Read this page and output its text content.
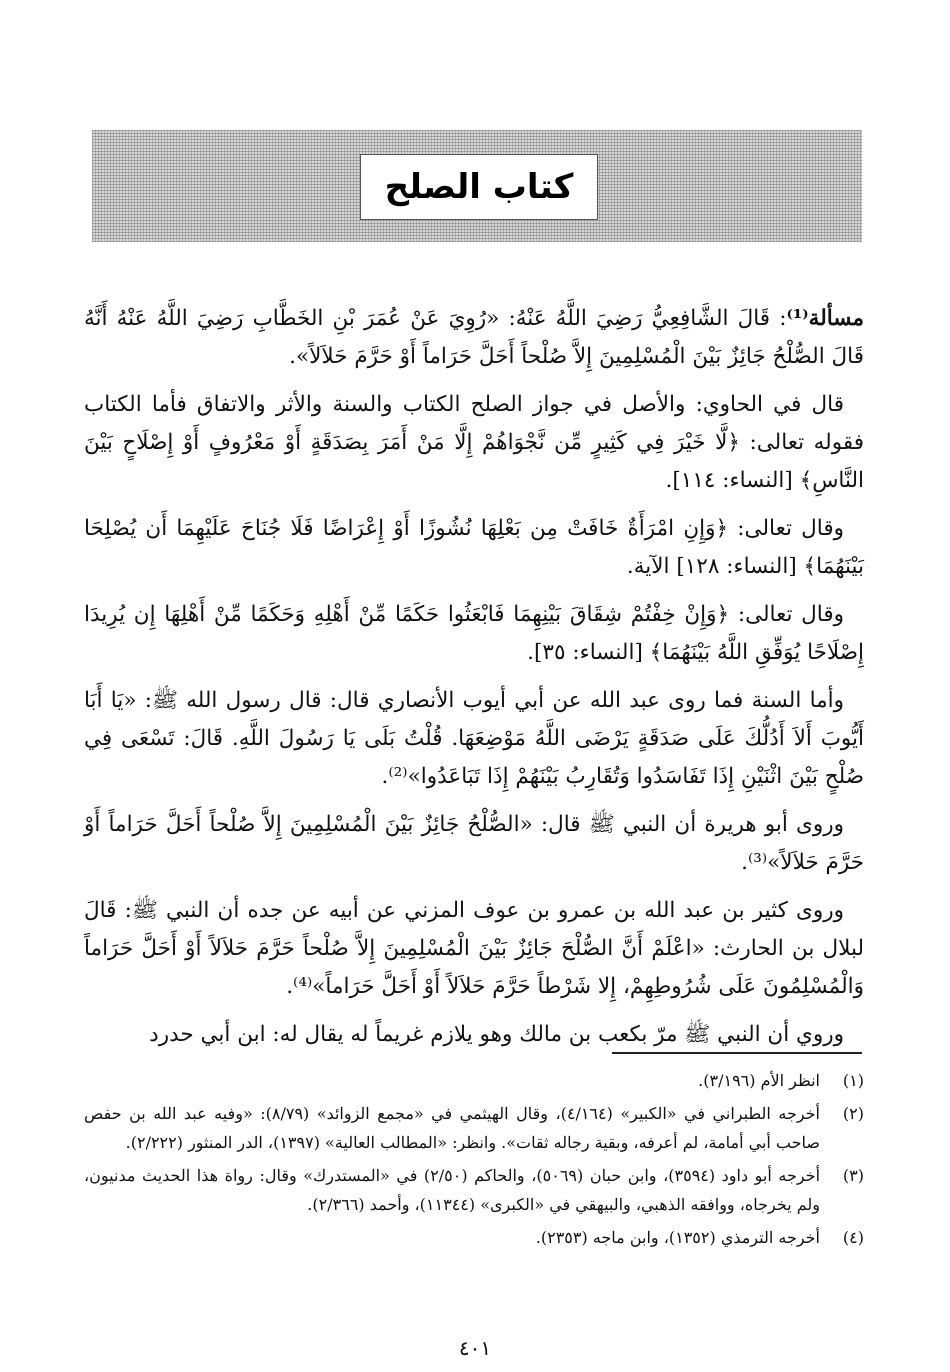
كتاب الصلح

مسألة⁽¹⁾: قَالَ الشَّافِعِيُّ رَضِيَ اللَّهُ عَنْهُ: «رُوِيَ عَنْ عُمَرَ بْنِ الخَطَّابِ رَضِيَ اللَّهُ عَنْهُ أَنَّهُ قَالَ الصُّلْحُ جَائِزٌ بَيْنَ الْمُسْلِمِينَ إِلاَّ صُلْحاً أَحَلَّ حَرَاماً أَوْ حَرَّمَ حَلاَلاً».

قال في الحاوي: والأصل في جواز الصلح الكتاب والسنة والأثر والاتفاق فأما الكتاب فقوله تعالى: ﴿لَّا خَيْرَ فِي كَثِيرٍ مِّن نَّجْوَاهُمْ إِلَّا مَنْ أَمَرَ بِصَدَقَةٍ أَوْ مَعْرُوفٍ أَوْ إِصْلَاحٍ بَيْنَ النَّاسِ﴾ [النساء: ١١٤].

وقال تعالى: ﴿وَإِنِ امْرَأَةٌ خَافَتْ مِن بَعْلِهَا نُشُوزًا أَوْ إِعْرَاضًا فَلَا جُنَاحَ عَلَيْهِمَا أَن يُصْلِحَا بَيْنَهُمَا﴾ [النساء: ١٢٨] الآية.

وقال تعالى: ﴿وَإِنْ خِفْتُمْ شِقَاقَ بَيْنِهِمَا فَابْعَثُوا حَكَمًا مِّنْ أَهْلِهِ وَحَكَمًا مِّنْ أَهْلِهَا إِن يُرِيدَا إِصْلَاحًا يُوَفِّقِ اللَّهُ بَيْنَهُمَا﴾ [النساء: ٣٥].

وأما السنة فما روى عبد الله عن أبي أيوب الأنصاري قال: قال رسول الله ﷺ: «يَا أَبَا أَيُّوبَ أَلاَ أَدُلُّكَ عَلَى صَدَقَةٍ يَرْضَى اللَّهُ مَوْضِعَهَا. قُلْتُ بَلَى يَا رَسُولَ اللَّهِ. قَالَ: تَسْعَى فِي صُلْحٍ بَيْنَ اثْنَيْنِ إِذَا تَفَاسَدُوا وَتُقَارِبُ بَيْنَهُمْ إِذَا تَبَاعَدُوا»⁽²⁾.

وروى أبو هريرة أن النبي ﷺ قال: «الصُّلْحُ جَائِزٌ بَيْنَ الْمُسْلِمِينَ إِلاَّ صُلْحاً أَحَلَّ حَرَاماً أَوْ حَرَّمَ حَلاَلاً»⁽³⁾.

وروى كثير بن عبد الله بن عمرو بن عوف المزني عن أبيه عن جده أن النبي ﷺ: قَالَ لبلال بن الحارث: «اعْلَمْ أَنَّ الصُّلْحَ جَائِزٌ بَيْنَ الْمُسْلِمِينَ إِلاَّ صُلْحاً حَرَّمَ حَلاَلاً أَوْ أَحَلَّ حَرَاماً وَالْمُسْلِمُونَ عَلَى شُرُوطِهِمْ، إِلا شَرْطاً حَرَّمَ حَلاَلاً أَوْ أَحَلَّ حَرَاماً»⁽⁴⁾.

وروي أن النبي ﷺ مرّ بكعب بن مالك وهو يلازم غريماً له يقال له: ابن أبي حدرد

(١)
انظر الأم (٣/١٩٦).
(٢)
أخرجه الطبراني في «الكبير» (٤/١٦٤)، وقال الهيثمي في «مجمع الزوائد» (٨/٧٩): «وفيه عبد الله بن حفص صاحب أبي أمامة، لم أعرفه، وبقية رجاله ثقات». وانظر: «المطالب العالية» (١٣٩٧)، الدر المنثور (٢/٢٢٢).
(٣)
أخرجه أبو داود (٣٥٩٤)، وابن حبان (٥٠٦٩)، والحاكم (٢/٥٠) في «المستدرك» وقال: رواة هذا الحديث مدنيون، ولم يخرجاه، ووافقه الذهبي، والبيهقي في «الكبرى» (١١٣٤٤)، وأحمد (٢/٣٦٦).
(٤)
أخرجه الترمذي (١٣٥٢)، وابن ماجه (٢٣٥٣).
٤٠١
